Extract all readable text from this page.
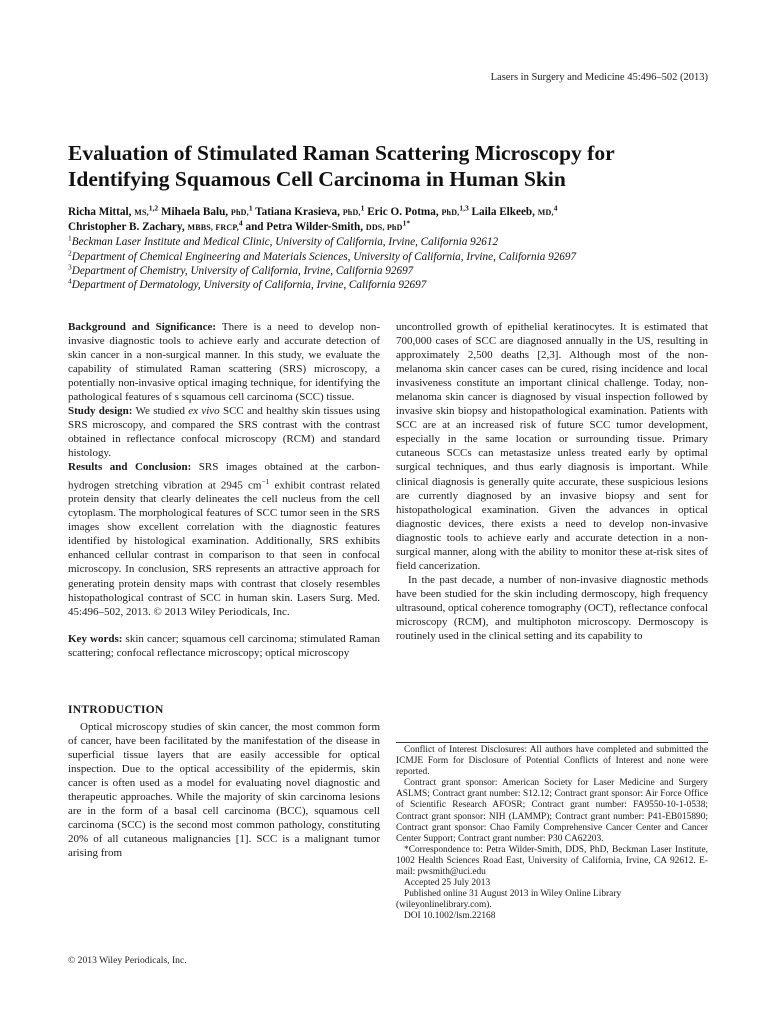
Lasers in Surgery and Medicine 45:496–502 (2013)
Evaluation of Stimulated Raman Scattering Microscopy for Identifying Squamous Cell Carcinoma in Human Skin
Richa Mittal, MS,$^{1,2}$ Mihaela Balu, PhD,$^1$ Tatiana Krasieva, PhD,$^1$ Eric O. Potma, PhD,$^{1,3}$ Laila Elkeeb, MD,$^4$
Christopher B. Zachary, MBBS, FRCP,$^4$ and Petra Wilder-Smith, DDS, PhD$^{1*}$
$^1$Beckman Laser Institute and Medical Clinic, University of California, Irvine, California 92612
$^2$Department of Chemical Engineering and Materials Sciences, University of California, Irvine, California 92697
$^3$Department of Chemistry, University of California, Irvine, California 92697
$^4$Department of Dermatology, University of California, Irvine, California 92697

Background and Significance: There is a need to develop non-invasive diagnostic tools to achieve early and accurate detection of skin cancer in a non-surgical manner. In this study, we evaluate the capability of stimulated Raman scattering (SRS) microscopy, a potentially non-invasive optical imaging technique, for identifying the pathological features of s squamous cell carcinoma (SCC) tissue.

Study design: We studied ex vivo SCC and healthy skin tissues using SRS microscopy, and compared the SRS contrast with the contrast obtained in reflectance confocal microscopy (RCM) and standard histology.

Results and Conclusion: SRS images obtained at the carbon-hydrogen stretching vibration at 2945 $cm^{-1}$ exhibit contrast related protein density that clearly delineates the cell nucleus from the cell cytoplasm. The morphological features of SCC tumor seen in the SRS images show excellent correlation with the diagnostic features identified by histological examination. Additionally, SRS exhibits enhanced cellular contrast in comparison to that seen in confocal microscopy. In conclusion, SRS represents an attractive approach for generating protein density maps with contrast that closely resembles histopathological contrast of SCC in human skin. Lasers Surg. Med. 45:496–502, 2013. © 2013 Wiley Periodicals, Inc.

Key words: skin cancer; squamous cell carcinoma; stimulated Raman scattering; confocal reflectance microscopy; optical microscopy

INTRODUCTION

Optical microscopy studies of skin cancer, the most common form of cancer, have been facilitated by the manifestation of the disease in superficial tissue layers that are easily accessible for optical inspection. Due to the optical accessibility of the epidermis, skin cancer is often used as a model for evaluating novel diagnostic and therapeutic approaches. While the majority of skin carcinoma lesions are in the form of a basal cell carcinoma (BCC), squamous cell carcinoma (SCC) is the second most common pathology, constituting 20% of all cutaneous malignancies [1]. SCC is a malignant tumor arising from

uncontrolled growth of epithelial keratinocytes. It is estimated that 700,000 cases of SCC are diagnosed annually in the US, resulting in approximately 2,500 deaths [2,3]. Although most of the non-melanoma skin cancer cases can be cured, rising incidence and local invasiveness constitute an important clinical challenge. Today, non-melanoma skin cancer is diagnosed by visual inspection followed by invasive skin biopsy and histopathological examination. Patients with SCC are at an increased risk of future SCC tumor development, especially in the same location or surrounding tissue. Primary cutaneous SCCs can metastasize unless treated early by optimal surgical techniques, and thus early diagnosis is important. While clinical diagnosis is generally quite accurate, these suspicious lesions are currently diagnosed by an invasive biopsy and sent for histopathological examination. Given the advances in optical diagnostic devices, there exists a need to develop non-invasive diagnostic tools to achieve early and accurate detection in a non-surgical manner, along with the ability to monitor these at-risk sites of field cancerization.

In the past decade, a number of non-invasive diagnostic methods have been studied for the skin including dermoscopy, high frequency ultrasound, optical coherence tomography (OCT), reflectance confocal microscopy (RCM), and multiphoton microscopy. Dermoscopy is routinely used in the clinical setting and its capability to

Conflict of Interest Disclosures: All authors have completed and submitted the ICMJE Form for Disclosure of Potential Conflicts of Interest and none were reported.

Contract grant sponsor: American Society for Laser Medicine and Surgery ASLMS; Contract grant number: S12.12; Contract grant sponsor: Air Force Office of Scientific Research AFOSR; Contract grant number: FA9550-10-1-0538; Contract grant sponsor: NIH (LAMMP); Contract grant number: P41-EB015890; Contract grant sponsor: Chao Family Comprehensive Cancer Center and Cancer Center Support; Contract grant number: P30 CA62203.

*Correspondence to: Petra Wilder-Smith, DDS, PhD, Beckman Laser Institute, 1002 Health Sciences Road East, University of California, Irvine, CA 92612. E-mail: pwsmith@uci.edu

Accepted 25 July 2013

Published online 31 August 2013 in Wiley Online Library (wileyonlinelibrary.com).

DOI 10.1002/lsm.22168

© 2013 Wiley Periodicals, Inc.
